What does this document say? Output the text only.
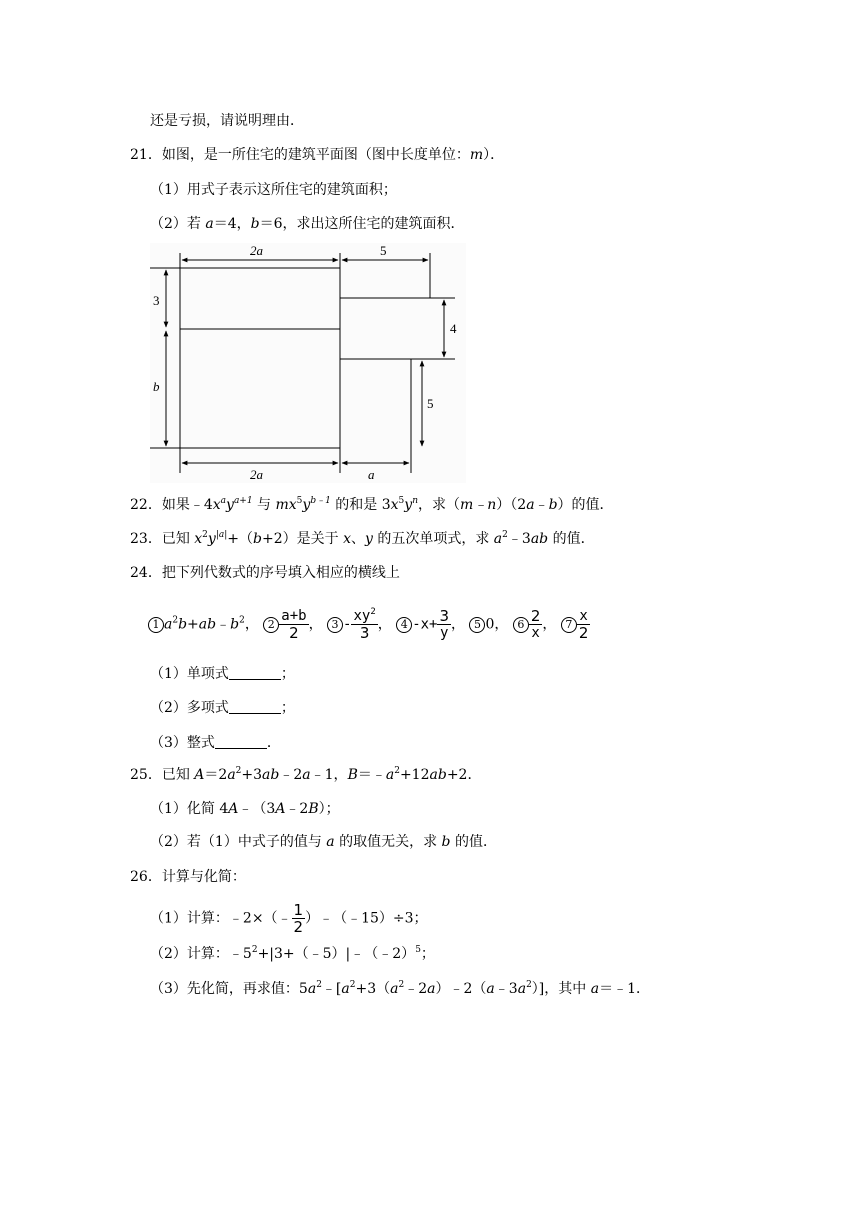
还是亏损，请说明理由．
21．如图，是一所住宅的建筑平面图（图中长度单位：m）．
（1）用式子表示这所住宅的建筑面积；
（2）若 a＝4，b＝6，求出这所住宅的建筑面积．
2a	5
3
b
4
5
2a	a
22．如果$﹣4x^ay^{a+1}$ 与 $mx^5y^{b﹣1}$ 的和是 $3x^5y^n$，求（m﹣n）（2a﹣b）的值．
23．已知 $x^2y^{|a|}+(b+2)$是关于 x、y 的五次单项式，求 $a^2﹣3ab$ 的值．
24．把下列代数式的序号填入相应的横线上
1 $a^2b+ab﹣b^2$， $2 \frac{a+b}{2}$ ， $3 - \frac{xy^2}{3}$ ， 4 $-x+ \frac{3}{y}$ ， 5 0， $6 \frac{2}{x}$ ， $7 \frac{x}{2}$
（1）单项式	；
（2）多项式	；
（3）整式	．
25．已知 $A=2a^2+3ab﹣2a﹣1$，$B=﹣a^2+12ab+2$．
（1）化简 4A﹣（3A﹣2B）；
（2）若（1）中式子的值与 a 的取值无关，求 b 的值．
26．计算与化简：
（1）计算：﹣2×（﹣ $\frac{1}{2}$ ）﹣（﹣15）÷3；
（2）计算：$﹣5^2+|3+(﹣5)|﹣(﹣2)^5$；
（3）先化简，再求值：$5a^2﹣[a^2+3(a^2﹣2a)﹣2(a﹣3a^2)]$，其中 a＝﹣1．
